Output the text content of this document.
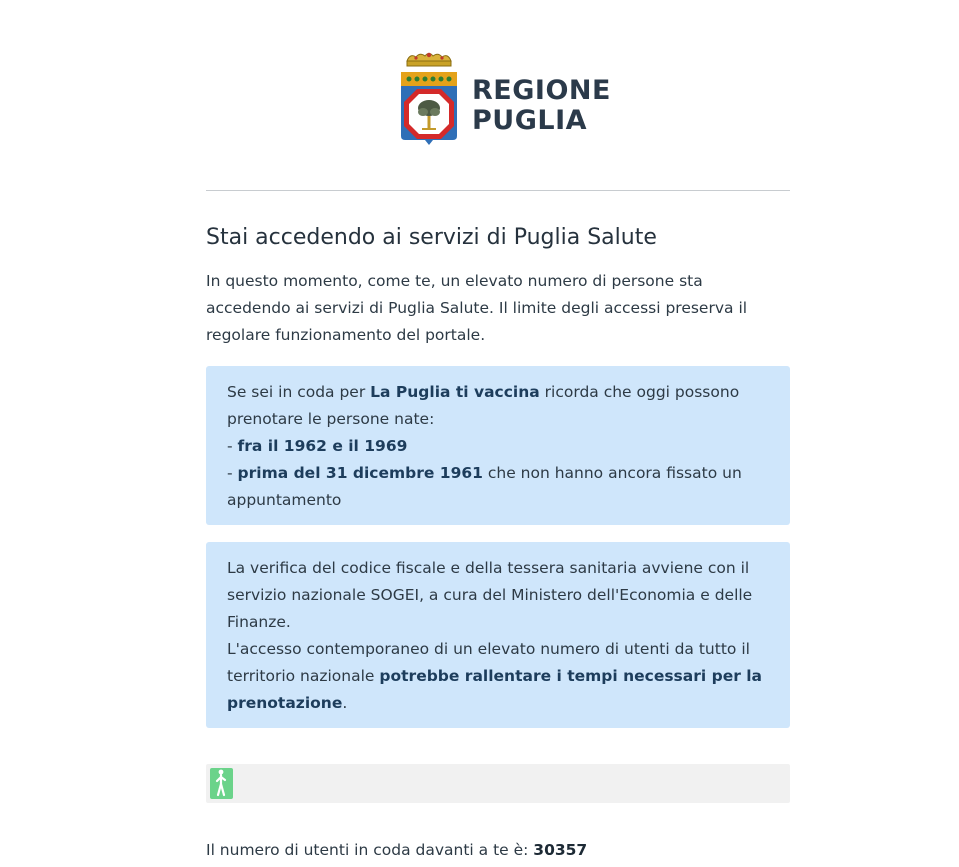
REGIONE
PUGLIA
Stai accedendo ai servizi di Puglia Salute

In questo momento, come te, un elevato numero di persone sta accedendo ai servizi di Puglia Salute. Il limite degli accessi preserva il regolare funzionamento del portale.

Se sei in coda per La Puglia ti vaccina ricorda che oggi possono prenotare le persone nate:
- fra il 1962 e il 1969
- prima del 31 dicembre 1961 che non hanno ancora fissato un appuntamento
La verifica del codice fiscale e della tessera sanitaria avviene con il servizio nazionale SOGEI, a cura del Ministero dell'Economia e delle Finanze.
L'accesso contemporaneo di un elevato numero di utenti da tutto il territorio nazionale potrebbe rallentare i tempi necessari per la prenotazione.
Il numero di utenti in coda davanti a te è: 30357
